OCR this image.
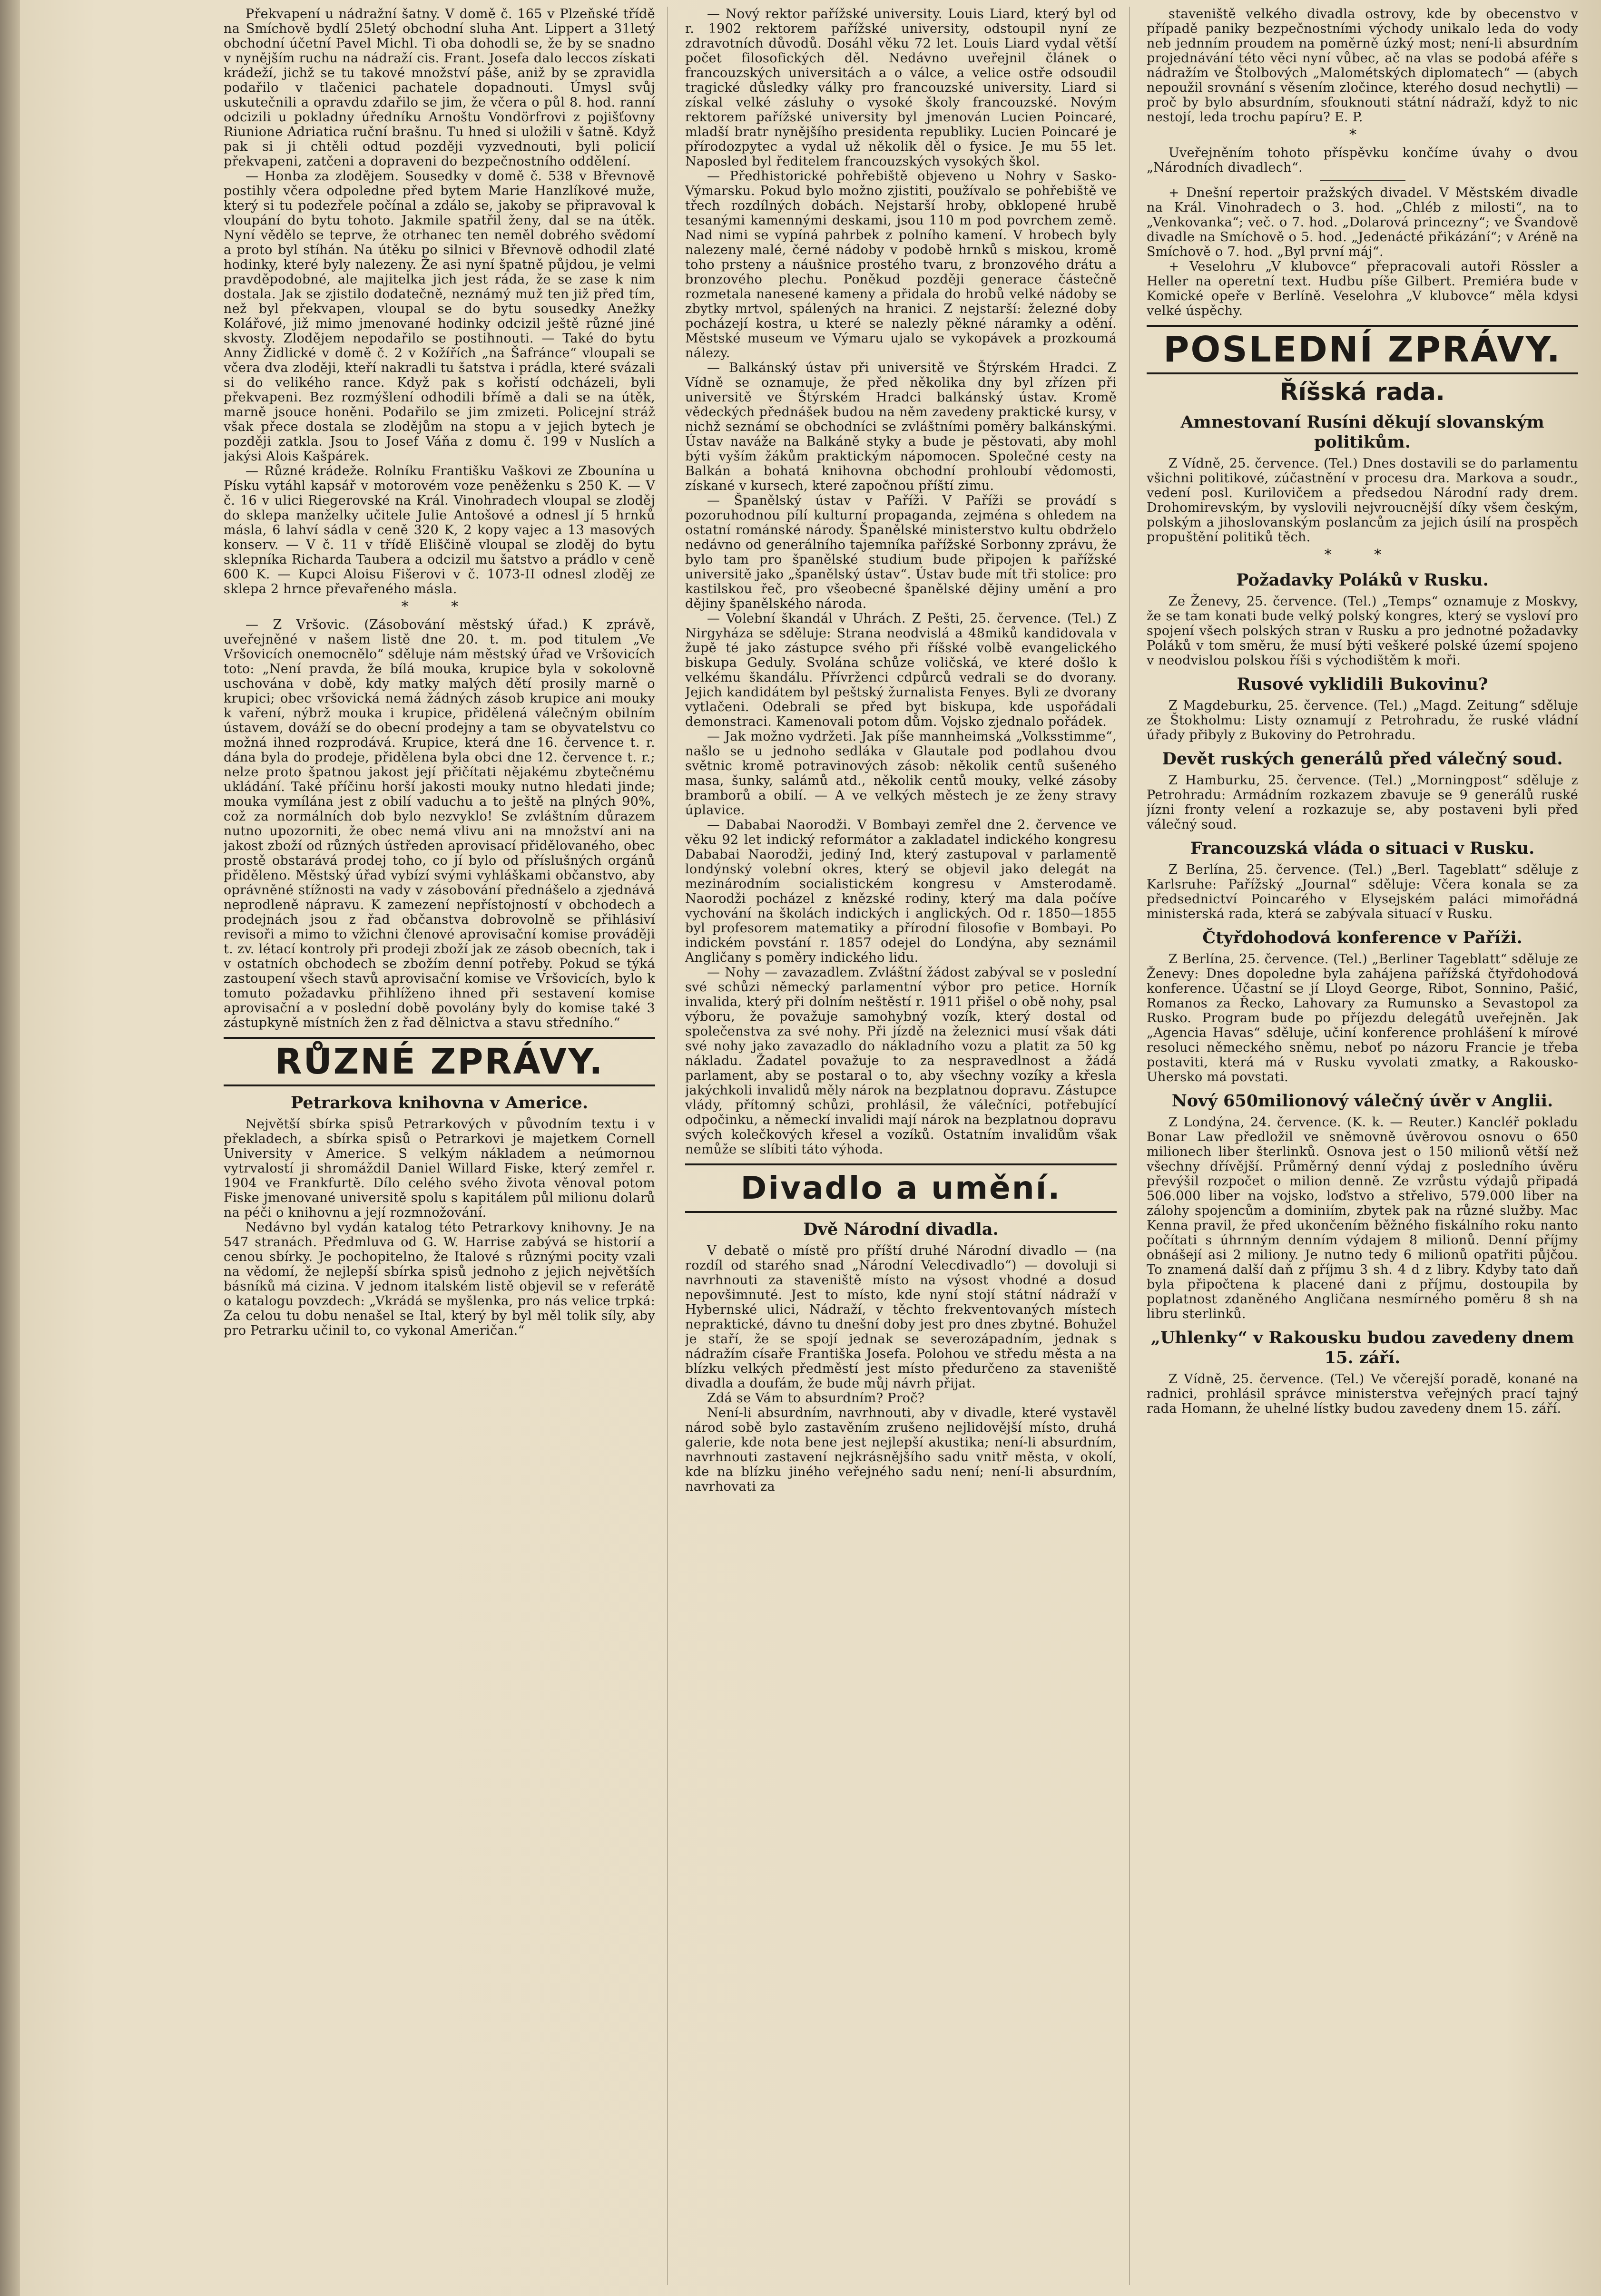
Překvapení u nádražní šatny. V domě č. 165 v Plzeňské třídě na Smíchově bydlí 25letý obchodní sluha Ant. Lippert a 31letý obchodní účetní Pavel Michl. Ti oba dohodli se, že by se snadno v nynějším ruchu na nádraží cis. Frant. Josefa dalo leccos získati krádeží, jichž se tu takové množství páše, aniž by se zpravidla podařilo v tlačenici pachatele dopadnouti. Úmysl svůj uskutečnili a opravdu zdařilo se jim, že včera o půl 8. hod. ranní odcizili u pokladny úředníku Arnoštu Vondörfrovi z pojišťovny Riunione Adriatica ruční brašnu. Tu hned si uložili v šatně. Když pak si ji chtěli odtud později vyzvednouti, byli policií překvapeni, zatčeni a dopraveni do bezpečnostního oddělení.

— Honba za zlodějem. Sousedky v domě č. 538 v Břevnově postihly včera odpoledne před bytem Marie Hanzlíkové muže, který si tu podezřele počínal a zdálo se, jakoby se připravoval k vloupání do bytu tohoto. Jakmile spatřil ženy, dal se na útěk. Nyní vědělo se teprve, že otrhanec ten neměl dobrého svědomí a proto byl stíhán. Na útěku po silnici v Břevnově odhodil zlaté hodinky, které byly nalezeny. Že asi nyní špatně půjdou, je velmi pravděpodobné, ale majitelka jich jest ráda, že se zase k nim dostala. Jak se zjistilo dodatečně, neznámý muž ten již před tím, než byl překvapen, vloupal se do bytu sousedky Anežky Kolářové, již mimo jmenované hodinky odcizil ještě různé jiné skvosty. Zlodějem nepodařilo se postihnouti. — Také do bytu Anny Židlické v domě č. 2 v Kožířích „na Šafránce“ vloupali se včera dva zloději, kteří nakradli tu šatstva i prádla, které svázali si do velikého rance. Když pak s kořistí odcházeli, byli překvapeni. Bez rozmýšlení odhodili břímě a dali se na útěk, marně jsouce honěni. Podařilo se jim zmizeti. Policejní stráž však přece dostala se zlodějům na stopu a v jejich bytech je později zatkla. Jsou to Josef Váňa z domu č. 199 v Nuslích a jakýsi Alois Kašpárek.

— Různé krádeže. Rolníku Františku Vaškovi ze Zbounína u Písku vytáhl kapsář v motorovém voze peněženku s 250 K. — V č. 16 v ulici Riegerovské na Král. Vinohradech vloupal se zloděj do sklepa manželky učitele Julie Antošové a odnesl jí 5 hrnků másla, 6 lahví sádla v ceně 320 K, 2 kopy vajec a 13 masových konserv. — V č. 11 v třídě Eliščině vloupal se zloděj do bytu sklepníka Richarda Taubera a odcizil mu šatstvo a prádlo v ceně 600 K. — Kupci Aloisu Fišerovi v č. 1073-II odnesl zloděj ze sklepa 2 hrnce převařeného másla.

* *

— Z Vršovic. (Zásobování městský úřad.) K zprávě, uveřejněné v našem listě dne 20. t. m. pod titulem „Ve Vršovicích onemocnělo“ sděluje nám městský úřad ve Vršovicích toto: „Není pravda, že bílá mouka, krupice byla v sokolovně uschována v době, kdy matky malých dětí prosily marně o krupici; obec vršovická nemá žádných zásob krupice ani mouky k vaření, nýbrž mouka i krupice, přidělená válečným obilním ústavem, dováží se do obecní prodejny a tam se obyvatelstvu co možná ihned rozprodává. Krupice, která dne 16. července t. r. dána byla do prodeje, přidělena byla obci dne 12. července t. r.; nelze proto špatnou jakost její přičítati nějakému zbytečnému ukládání. Také příčinu horší jakosti mouky nutno hledati jinde; mouka vymílána jest z obilí vaduchu a to ještě na plných 90%, což za normálních dob bylo nezvyklo! Se zvláštním důrazem nutno upozorniti, že obec nemá vlivu ani na množství ani na jakost zboží od různých ústředen aprovisací přidělovaného, obec prostě obstarává prodej toho, co jí bylo od příslušných orgánů přiděleno. Městský úřad vybízí svými vyhláškami občanstvo, aby oprávněné stížnosti na vady v zásobování přednášelo a zjednává neprodleně nápravu. K zamezení nepřístojností v obchodech a prodejnách jsou z řad občanstva dobrovolně se přihlásiví revisoři a mimo to vžichni členové aprovisační komise prováději t. zv. létací kontroly při prodeji zboží jak ze zásob obecních, tak i v ostatních obchodech se zbožím denní potřeby. Pokud se týká zastoupení všech stavů aprovisační komise ve Vršovicích, bylo k tomuto požadavku přihlíženo ihned při sestavení komise aprovisační a v poslední době povolány byly do komise také 3 zástupkyně místních žen z řad dělnictva a stavu středního.“

RŮZNÉ ZPRÁVY.
Petrarkova knihovna v Americe.

Největší sbírka spisů Petrarkových v původním textu i v překladech, a sbírka spisů o Petrarkovi je majetkem Cornell University v Americe. S velkým nákladem a neúmornou vytrvalostí ji shromáždil Daniel Willard Fiske, který zemřel r. 1904 ve Frankfurtě. Dílo celého svého života věnoval potom Fiske jmenované universitě spolu s kapitálem půl milionu dolarů na péči o knihovnu a její rozmnožování.

Nedávno byl vydán katalog této Petrarkovy knihovny. Je na 547 stranách. Předmluva od G. W. Harrise zabývá se historií a cenou sbírky. Je pochopitelno, že Italové s různými pocity vzali na vědomí, že nejlepší sbírka spisů jednoho z jejich největších básníků má cizina. V jednom italském listě objevil se v referátě o katalogu povzdech: „Vkrádá se myšlenka, pro nás velice trpká: Za celou tu dobu nenašel se Ital, který by byl měl tolik síly, aby pro Petrarku učinil to, co vykonal Američan.“

— Nový rektor pařížské university. Louis Liard, který byl od r. 1902 rektorem pařížské university, odstoupil nyní ze zdravotních důvodů. Dosáhl věku 72 let. Louis Liard vydal větší počet filosofických děl. Nedávno uveřejnil článek o francouzských universitách a o válce, a velice ostře odsoudil tragické důsledky války pro francouzské university. Liard si získal velké zásluhy o vysoké školy francouzské. Novým rektorem pařížské university byl jmenován Lucien Poincaré, mladší bratr nynějšího presidenta republiky. Lucien Poincaré je přírodozpytec a vydal už několik děl o fysice. Je mu 55 let. Naposled byl ředitelem francouzských vysokých škol.

— Předhistorické pohřebiště objeveno u Nohry v Sasko-Výmarsku. Pokud bylo možno zjistiti, používalo se pohřebiště ve třech rozdílných dobách. Nejstarší hroby, obklopené hrubě tesanými kamennými deskami, jsou 110 m pod povrchem země. Nad nimi se vypíná pahrbek z polního kamení. V hrobech byly nalezeny malé, černé nádoby v podobě hrnků s miskou, kromě toho prsteny a náušnice prostého tvaru, z bronzového drátu a bronzového plechu. Poněkud později generace částečně rozmetala nanesené kameny a přidala do hrobů velké nádoby se zbytky mrtvol, spálených na hranici. Z nejstarší: železné doby pocházejí kostra, u které se nalezly pěkné náramky a odění. Městské museum ve Výmaru ujalo se vykopávek a prozkoumá nálezy.

— Balkánský ústav při universitě ve Štýrském Hradci. Z Vídně se oznamuje, že před několika dny byl zřízen při universitě ve Štýrském Hradci balkánský ústav. Kromě vědeckých přednášek budou na něm zavedeny praktické kursy, v nichž seznámí se obchodníci se zvláštními poměry balkánskými. Ústav naváže na Balkáně styky a bude je pěstovati, aby mohl býti vyším žákům praktickým nápomocen. Společné cesty na Balkán a bohatá knihovna obchodní prohloubí vědomosti, získané v kursech, které započnou příští zimu.

— Španělský ústav v Paříži. V Paříži se provádí s pozoruhodnou pílí kulturní propaganda, zejména s ohledem na ostatní románské národy. Španělské ministerstvo kultu obdrželo nedávno od generálního tajemníka pařížské Sorbonny zprávu, že bylo tam pro španělské studium bude připojen k pařížské universitě jako „španělský ústav“. Ústav bude mít tři stolice: pro kastilskou řeč, pro všeobecné španělské dějiny umění a pro dějiny španělského národa.

— Volební škandál v Uhrách. Z Pešti, 25. července. (Tel.) Z Nirgyháza se sděluje: Strana neodvislá a 48miků kandidovala v župě té jako zástupce svého při říšské volbě evangelického biskupa Geduly. Svolána schůze voličská, ve které došlo k velkému škandálu. Přívrženci cdpůrců vedrali se do dvorany. Jejich kandidátem byl peštský žurnalista Fenyes. Byli ze dvorany vytlačeni. Odebrali se před byt biskupa, kde uspořádali demonstraci. Kamenovali potom dům. Vojsko zjednalo pořádek.

— Jak možno vydržeti. Jak píše mannheimská „Volksstimme“, našlo se u jednoho sedláka v Glautale pod podlahou dvou světnic kromě potravinových zásob: několik centů sušeného masa, šunky, salámů atd., několik centů mouky, velké zásoby bramborů a obilí. — A ve velkých městech je ze ženy stravy úplavice.

— Dababai Naorodži. V Bombayi zemřel dne 2. července ve věku 92 let indický reformátor a zakladatel indického kongresu Dababai Naorodži, jediný Ind, který zastupoval v parlamentě londýnský volební okres, který se objevil jako delegát na mezinárodním socialistickém kongresu v Amsterodamě. Naorodži pocházel z knězské rodiny, který ma dala počíve vychování na školách indických i anglických. Od r. 1850—1855 byl profesorem matematiky a přírodní filosofie v Bombayi. Po indickém povstání r. 1857 odejel do Londýna, aby seznámil Angličany s poměry indického lidu.

— Nohy — zavazadlem. Zvláštní žádost zabýval se v poslední své schůzi německý parlamentní výbor pro petice. Horník invalida, který při dolním neštěstí r. 1911 přišel o obě nohy, psal výboru, že považuje samohybný vozík, který dostal od společenstva za své nohy. Při jízdě na železnici musí však dáti své nohy jako zavazadlo do nákladního vozu a platit za 50 kg nákladu. Žadatel považuje to za nespravedlnost a žádá parlament, aby se postaral o to, aby všechny vozíky a křesla jakýchkoli invalidů měly nárok na bezplatnou dopravu. Zástupce vlády, přítomný schůzi, prohlásil, že válečníci, potřebující odpočinku, a německí invalidi mají nárok na bezplatnou dopravu svých kolečkových křesel a vozíků. Ostatním invalidům však nemůže se slíbiti táto výhoda.

Divadlo a umění.
Dvě Národní divadla.

V debatě o místě pro příští druhé Národní divadlo — (na rozdíl od starého snad „Národní Velecdivadlo“) — dovoluji si navrhnouti za staveniště místo na výsost vhodné a dosud nepovšimnuté. Jest to místo, kde nyní stojí státní nádraží v Hybernské ulici, Nádraží, v těchto frekventovaných místech nepraktické, dávno tu dnešní doby jest pro dnes zbytné. Bohužel je staří, že se spojí jednak se severozápadním, jednak s nádražím císaře Františka Josefa. Polohou ve středu města a na blízku velkých předměstí jest místo předurčeno za staveniště divadla a doufám, že bude můj návrh přijat.

Zdá se Vám to absurdním? Proč?

Není-li absurdním, navrhnouti, aby v divadle, které vystavěl národ sobě bylo zastavěním zrušeno nejlidovější místo, druhá galerie, kde nota bene jest nejlepší akustika; není-li absurdním, navrhnouti zastavení nejkrásnějšího sadu vnitř města, v okolí, kde na blízku jiného veřejného sadu není; není-li absurdním, navrhovati za

staveniště velkého divadla ostrovy, kde by obecenstvo v případě paniky bezpečnostními východy unikalo leda do vody neb jednním proudem na poměrně úzký most; není-li absurdním projednávání této věci nyní vůbec, ač na vlas se podobá aféře s nádražím ve Štolbových „Malométských diplomatech“ — (abych nepoužil srovnání s věsením zločince, kterého dosud nechytli) — proč by bylo absurdním, sfouknouti státní nádraží, když to nic nestojí, leda trochu papíru? E. P.

*

Uveřejněním tohoto příspěvku končíme úvahy o dvou „Národních divadlech“.

+ Dnešní repertoir pražských divadel. V Městském divadle na Král. Vinohradech o 3. hod. „Chléb z milosti“, na to „Venkovanka“; več. o 7. hod. „Dolarová princezny“; ve Švandově divadle na Smíchově o 5. hod. „Jedenácté přikázání“; v Aréně na Smíchově o 7. hod. „Byl první máj“.

+ Veselohru „V klubovce“ přepracovali autoři Rössler a Heller na operetní text. Hudbu píše Gilbert. Premiéra bude v Komické opeře v Berlíně. Veselohra „V klubovce“ měla kdysi velké úspěchy.

POSLEDNÍ ZPRÁVY.
Říšská rada.
Amnestovaní Rusíni děkují slovanským politikům.

Z Vídně, 25. července. (Tel.) Dnes dostavili se do parlamentu všichni politikové, zúčastnění v procesu dra. Markova a soudr., vedení posl. Kurilovičem a předsedou Národní rady drem. Drohomirevským, by vyslovili nejvroucnější díky všem českým, polským a jihoslovanským poslancům za jejich úsilí na prospěch propuštění politiků těch.

* *
Požadavky Poláků v Rusku.

Ze Ženevy, 25. července. (Tel.) „Temps“ oznamuje z Moskvy, že se tam konati bude velký polský kongres, který se vysloví pro spojení všech polských stran v Rusku a pro jednotné požadavky Poláků v tom směru, že musí býti veškeré polské území spojeno v neodvislou polskou říši s východištěm k moři.

Rusové vyklidili Bukovinu?

Z Magdeburku, 25. července. (Tel.) „Magd. Zeitung“ sděluje ze Štokholmu: Listy oznamují z Petrohradu, že ruské vládní úřady přibyly z Bukoviny do Petrohradu.

Devět ruských generálů před válečný soud.

Z Hamburku, 25. července. (Tel.) „Morningpost“ sděluje z Petrohradu: Armádním rozkazem zbavuje se 9 generálů ruské jízni fronty velení a rozkazuje se, aby postaveni byli před válečný soud.

Francouzská vláda o situaci v Rusku.

Z Berlína, 25. července. (Tel.) „Berl. Tageblatt“ sděluje z Karlsruhe: Pařížský „Journal“ sděluje: Včera konala se za předsednictví Poincarého v Elysejském paláci mimořádná ministerská rada, která se zabývala situací v Rusku.

Čtyřdohodová konference v Paříži.

Z Berlína, 25. července. (Tel.) „Berliner Tageblatt“ sděluje ze Ženevy: Dnes dopoledne byla zahájena pařížská čtyřdohodová konference. Účastní se jí Lloyd George, Ribot, Sonnino, Pašić, Romanos za Řecko, Lahovary za Rumunsko a Sevastopol za Rusko. Program bude po příjezdu delegátů uveřejněn. Jak „Agencia Havas“ sděluje, učiní konference prohlášení k mírové resoluci německého sněmu, neboť po názoru Francie je třeba postaviti, která má v Rusku vyvolati zmatky, a Rakousko-Uhersko má povstati.

Nový 650milionový válečný úvěr v Anglii.

Z Londýna, 24. července. (K. k. — Reuter.) Kancléř pokladu Bonar Law předložil ve sněmovně úvěrovou osnovu o 650 milionech liber šterlinků. Osnova jest o 150 milionů větší než všechny dřívější. Průměrný denní výdaj z posledního úvěru převýšil rozpočet o milion denně. Ze vzrůstu výdajů připadá 506.000 liber na vojsko, loďstvo a střelivo, 579.000 liber na zálohy spojencům a dominiím, zbytek pak na různé služby. Mac Kenna pravil, že před ukončením běžného fiskálního roku nanto počítati s úhrnným denním výdajem 8 milionů. Denní příjmy obnášejí asi 2 miliony. Je nutno tedy 6 milionů opatřiti půjčou. To znamená další daň z příjmu 3 sh. 4 d z libry. Kdyby tato daň byla připočtena k placené dani z příjmu, dostoupila by poplatnost zdaněného Angličana nesmírného poměru 8 sh na libru sterlinků.

„Uhlenky“ v Rakousku budou zavedeny dnem 15. září.

Z Vídně, 25. července. (Tel.) Ve včerejší poradě, konané na radnici, prohlásil správce ministerstva veřejných prací tajný rada Homann, že uhelné lístky budou zavedeny dnem 15. září.
